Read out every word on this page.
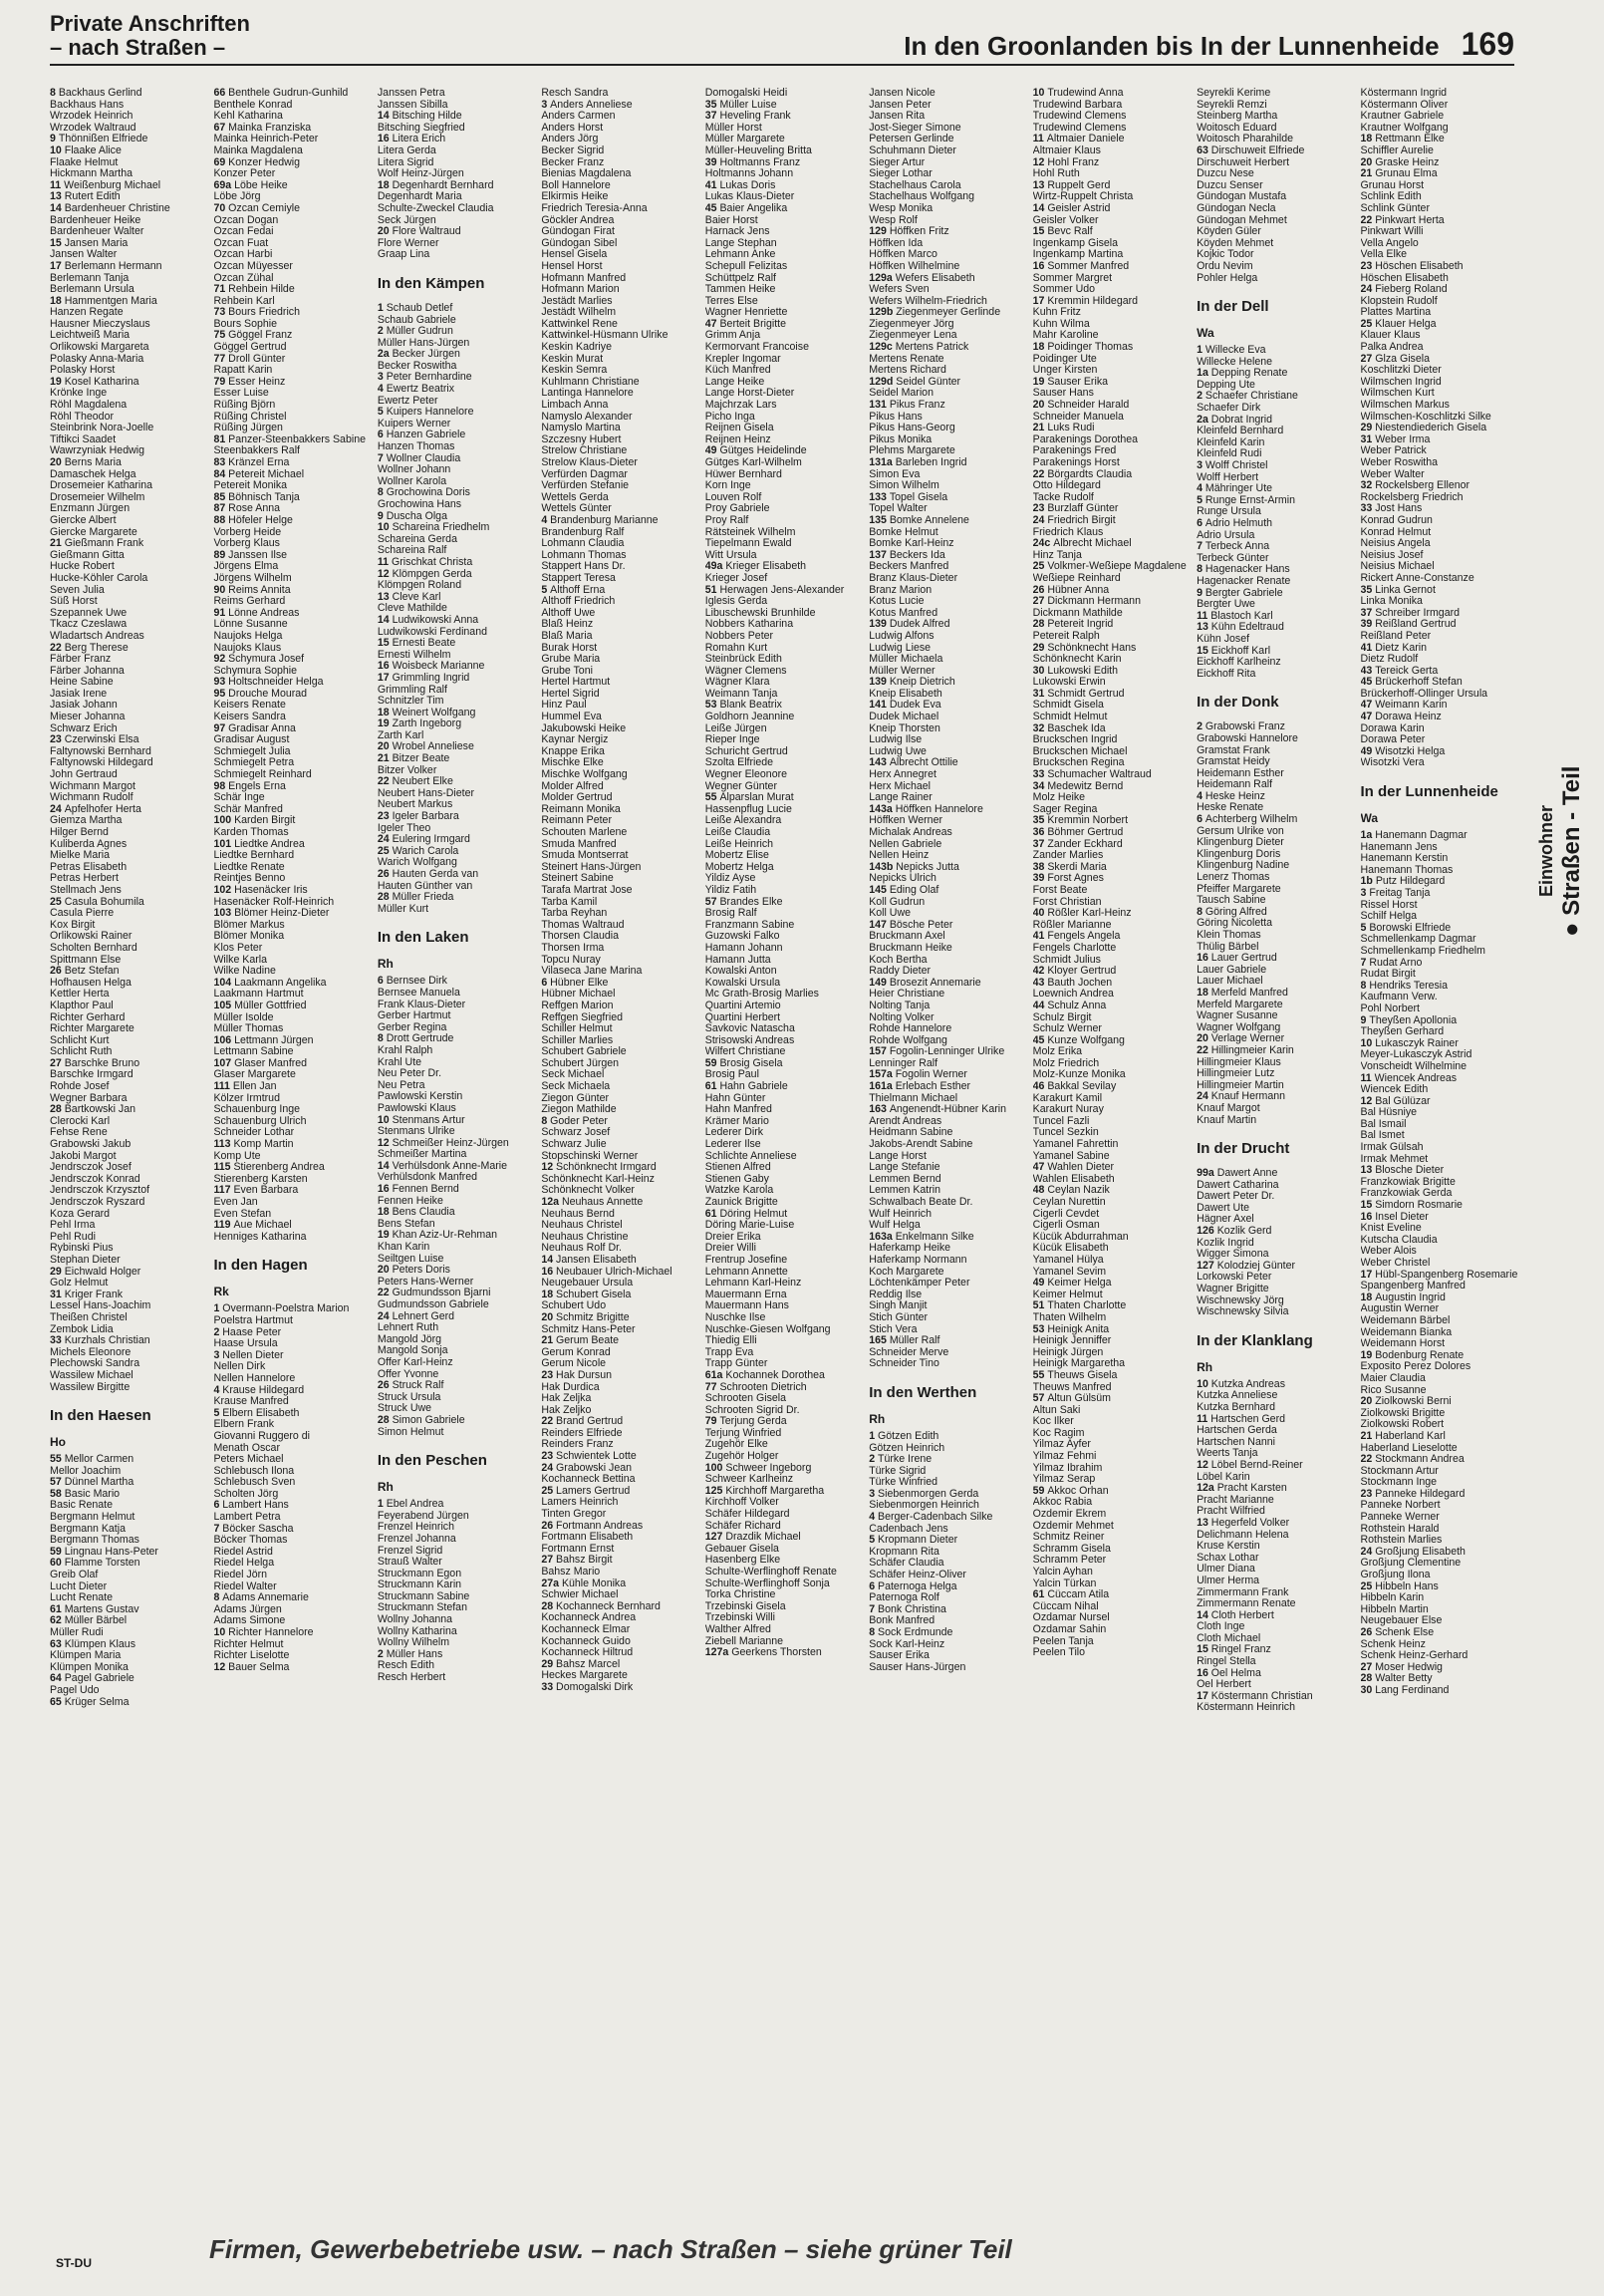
Private Anschriften
– nach Straßen –	In den Groonlanden bis In der Lunnenheide 169
8 Backhaus Gerlind
Backhaus Hans
Wrzodek Heinrich
Wrzodek Waltraud
9 Thönnißen Elfriede
10 Flaake Alice
Flaake Helmut
Hickmann Martha
11 Weißenburg Michael
13 Rutert Edith
14 Bardenheuer Christine
Bardenheuer Heike
Bardenheuer Walter
15 Jansen Maria
Jansen Walter
17 Berlemann Hermann
Berlemann Tanja
Berlemann Ursula
18 Hammentgen Maria
Hanzen Regate
Hausner Mieczyslaus
Leichtweiß Maria
Orlikowski Margareta
Polasky Anna-Maria
Polasky Horst
19 Kosel Katharina
Krönke Inge
Röhl Magdalena
Röhl Theodor
Steinbrink Nora-Joelle
Tiftikci Saadet
Wawrzyniak Hedwig
20 Berns Maria
Damaschek Helga
Drosemeier Katharina
Drosemeier Wilhelm
Enzmann Jürgen
Giercke Albert
Giercke Margarete
21 Gießmann Frank
Gießmann Gitta
Hucke Robert
Hucke-Köhler Carola
Seven Julia
Süß Horst
Szepannek Uwe
Tkacz Czeslawa
Wladartsch Andreas
22 Berg Therese
Färber Franz
Färber Johanna
Heine Sabine
Jasiak Irene
Jasiak Johann
Mieser Johanna
Schwarz Erich
23 Czerwinski Elsa
Faltynowski Bernhard
Faltynowski Hildegard
John Gertraud
Wichmann Margot
Wichmann Rudolf
24 Apfelhofer Herta
Giemza Martha
Hilger Bernd
Kuliberda Agnes
Mielke Maria
Petras Elisabeth
Petras Herbert
Stellmach Jens
25 Casula Bohumila
Casula Pierre
Kox Birgit
Orlikowski Rainer
Scholten Bernhard
Spittmann Else
26 Betz Stefan
Hofhausen Helga
Kettler Herta
Klapthor Paul
Richter Gerhard
Richter Margarete
Schlicht Kurt
Schlicht Ruth
27 Barschke Bruno
Barschke Irmgard
Rohde Josef
Wegner Barbara
28 Bartkowski Jan
Clerocki Karl
Fehse Rene
Grabowski Jakub
Jakobi Margot
Jendrsczok Josef
Jendrsczok Konrad
Jendrsczok Krzysztof
Jendrsczok Ryszard
Koza Gerard
Pehl Irma
Pehl Rudi
Rybinski Pius
Stephan Dieter
29 Eichwald Holger
Golz Helmut
31 Kriger Frank
Lessel Hans-Joachim
Theißen Christel
Zembok Lidia
33 Kurzhals Christian
Michels Eleonore
Plechowski Sandra
Wassilew Michael
Wassilew Birgitte
In den Haesen
Ho
55 Mellor Carmen
Mellor Joachim
57 Dünnel Martha
58 Basic Mario
Basic Renate
Bergmann Helmut
Bergmann Katja
Bergmann Thomas
59 Lingnau Hans-Peter
60 Flamme Torsten
Greib Olaf
Lucht Dieter
Lucht Renate
61 Martens Gustav
62 Müller Bärbel
Müller Rudi
63 Klümpen Klaus
Klümpen Maria
Klümpen Monika
64 Pagel Gabriele
Pagel Udo
65 Krüger Selma
66 Benthele Gudrun-Gunhild
Benthele Konrad
Kehl Katharina
67 Mainka Franziska
Mainka Heinrich-Peter
Mainka Magdalena
69 Konzer Hedwig
Konzer Peter
69a Löbe Heike
Löbe Jörg
70 Özcan Cemiyle
Özcan Dogan
Özcan Fedai
Özcan Fuat
Özcan Harbi
Özcan Müyesser
Özcan Zühal
71 Rehbein Hilde
Rehbein Karl
73 Bours Friedrich
Bours Sophie
75 Göggel Franz
Göggel Gertrud
77 Droll Günter
Rapatt Karin
79 Esser Heinz
Esser Luise
Rüßing Björn
Rüßing Christel
Rüßing Jürgen
81 Panzer-Steenbakkers Sabine
Steenbakkers Ralf
83 Kränzel Erna
84 Petereit Michael
Petereit Monika
85 Böhnisch Tanja
87 Rose Anna
88 Höfeler Helge
Vorberg Heide
Vorberg Klaus
89 Janssen Ilse
Jörgens Elma
Jörgens Wilhelm
90 Reims Annita
Reims Gerhard
91 Lönne Andreas
Lönne Susanne
Naujoks Helga
Naujoks Klaus
92 Schymura Josef
Schymura Sophie
93 Holtschneider Helga
95 Drouche Mourad
Keisers Renate
Keisers Sandra
97 Gradisar Anna
Gradisar August
Schmiegelt Julia
Schmiegelt Petra
Schmiegelt Reinhard
98 Engels Erna
Schär Inge
Schär Manfred
100 Karden Birgit
Karden Thomas
101 Liedtke Andrea
Liedtke Bernhard
Liedtke Renate
Reintjes Benno
102 Hasenäcker Iris
Hasenäcker Rolf-Heinrich
103 Blömer Heinz-Dieter
Blömer Markus
Blömer Monika
Klos Peter
Wilke Karla
Wilke Nadine
104 Laakmann Angelika
Laakmann Hartmut
105 Müller Gottfried
Müller Isolde
Müller Thomas
106 Lettmann Jürgen
Lettmann Sabine
107 Glaser Manfred
Glaser Margarete
111 Ellen Jan
Kölzer Irmtrud
Schauenburg Inge
Schauenburg Ulrich
Schneider Lothar
113 Komp Martin
Komp Ute
115 Stierenberg Andrea
Stierenberg Karsten
117 Even Barbara
Even Jan
Even Stefan
119 Aue Michael
Henniges Katharina
In den Hagen
Rk
1 Overmann-Poelstra Marion
Poelstra Hartmut
2 Haase Peter
Haase Ursula
3 Nellen Dieter
Nellen Dirk
Nellen Hannelore
4 Krause Hildegard
Krause Manfred
5 Elbern Elisabeth
Elbern Frank
Giovanni Ruggero di
Menath Oscar
Peters Michael
Schlebusch Ilona
Schlebusch Sven
Scholten Jörg
6 Lambert Hans
Lambert Petra
7 Böcker Sascha
Böcker Thomas
Riedel Astrid
Riedel Helga
Riedel Jörn
Riedel Walter
8 Adams Annemarie
Adams Jürgen
Adams Simone
10 Richter Hannelore
Richter Helmut
Richter Liselotte
12 Bauer Selma
Janssen Petra
Janssen Sibilla
14 Bitsching Hilde
Bitsching Siegfried
16 Litera Erich
Litera Gerda
Litera Sigrid
Wolf Heinz-Jürgen
18 Degenhardt Bernhard
Degenhardt Maria
Schulte-Zweckel Claudia
Seck Jürgen
20 Flore Waltraud
Flore Werner
Graap Lina
In den Kämpen
1 Schaub Detlef
Schaub Gabriele
2 Müller Gudrun
Müller Hans-Jürgen
2a Becker Jürgen
Becker Roswitha
3 Peter Bernhardine
4 Ewertz Beatrix
Ewertz Peter
5 Kuipers Hannelore
Kuipers Werner
6 Hanzen Gabriele
Hanzen Thomas
7 Wollner Claudia
Wollner Johann
Wollner Karola
8 Grochowina Doris
Grochowina Hans
9 Duscha Olga
10 Schareina Friedhelm
Schareina Gerda
Schareina Ralf
11 Grischkat Christa
12 Klömpgen Gerda
Klömpgen Roland
13 Cleve Karl
Cleve Mathilde
14 Ludwikowski Anna
Ludwikowski Ferdinand
15 Ernesti Beate
Ernesti Wilhelm
16 Woisbeck Marianne
17 Grimmling Ingrid
Grimmling Ralf
Schnitzler Tim
18 Weinert Wolfgang
19 Zarth Ingeborg
Zarth Karl
20 Wrobel Anneliese
21 Bitzer Beate
Bitzer Volker
22 Neubert Elke
Neubert Hans-Dieter
Neubert Markus
23 Igeler Barbara
Igeler Theo
24 Eulering Irmgard
25 Warich Carola
Warich Wolfgang
26 Hauten Gerda van
Hauten Günther van
28 Müller Frieda
Müller Kurt
In den Laken
Rh
6 Bernsee Dirk
Bernsee Manuela
Frank Klaus-Dieter
Gerber Hartmut
Gerber Regina
8 Drott Gertrude
Krahl Ralph
Krahl Ute
Neu Peter Dr.
Neu Petra
Pawlowski Kerstin
Pawlowski Klaus
10 Stenmans Artur
Stenmans Ulrike
12 Schmeißer Heinz-Jürgen
Schmeißer Martina
14 Verhülsdonk Anne-Marie
Verhülsdonk Manfred
16 Fennen Bernd
Fennen Heike
18 Bens Claudia
Bens Stefan
19 Khan Aziz-Ur-Rehman
Khan Karin
Seiltgen Luise
20 Peters Doris
Peters Hans-Werner
22 Gudmundsson Bjarni
Gudmundsson Gabriele
24 Lehnert Gerd
Lehnert Ruth
Mangold Jörg
Mangold Sonja
Offer Karl-Heinz
Offer Yvonne
26 Struck Ralf
Struck Ursula
Struck Uwe
28 Simon Gabriele
Simon Helmut
In den Peschen
Rh
1 Ebel Andrea
Feyerabend Jürgen
Frenzel Heinrich
Frenzel Johanna
Frenzel Sigrid
Strauß Walter
Struckmann Egon
Struckmann Karin
Struckmann Sabine
Struckmann Stefan
Wollny Johanna
Wollny Katharina
Wollny Wilhelm
2 Müller Hans
Resch Edith
Resch Herbert
Resch Sandra
3 Anders Anneliese
Anders Carmen
Anders Horst
Anders Jörg
Becker Sigrid
Becker Franz
Bienias Magdalena
Boll Hannelore
Elkirmis Heike
Friedrich Teresia-Anna
Göckler Andrea
Gündogan Firat
Gündogan Sibel
Hensel Gisela
Hensel Horst
Hofmann Manfred
Hofmann Marion
Jestädt Marlies
Jestädt Wilhelm
Kattwinkel Rene
Kattwinkel-Hüsmann Ulrike
Keskin Kadriye
Keskin Murat
Keskin Semra
Kuhlmann Christiane
Lantinga Hannelore
Limbach Anna
Namyslo Alexander
Namyslo Martina
Szczesny Hubert
Strelow Christiane
Strelow Klaus-Dieter
Verfürden Dagmar
Verfürden Stefanie
Wettels Gerda
Wettels Günter
4 Brandenburg Marianne
Brandenburg Ralf
Lohmann Claudia
Lohmann Thomas
Stappert Hans Dr.
Stappert Teresa
5 Althoff Erna
Althoff Friedrich
Althoff Uwe
Blaß Heinz
Blaß Maria
Burak Horst
Grube Maria
Grube Toni
Hertel Hartmut
Hertel Sigrid
Hinz Paul
Hummel Eva
Jakubowski Heike
Kaynar Nergiz
Knappe Erika
Mischke Elke
Mischke Wolfgang
Molder Alfred
Molder Gertrud
Reimann Monika
Reimann Peter
Schouten Marlene
Smuda Manfred
Smuda Montserrat
Steinert Hans-Jürgen
Steinert Sabine
Tarafa Martrat Jose
Tarba Kamil
Tarba Reyhan
Thomas Waltraud
Thorsen Claudia
Thorsen Irma
Topcu Nuray
Vilaseca Jane Marina
6 Hübner Elke
Hübner Michael
Reffgen Marion
Reffgen Siegfried
Schiller Helmut
Schiller Marlies
Schubert Gabriele
Schubert Jürgen
Seck Michael
Seck Michaela
Ziegon Günter
Ziegon Mathilde
8 Goder Peter
Schwarz Josef
Schwarz Julie
Stopschinski Werner
12 Schönknecht Irmgard
Schönknecht Karl-Heinz
Schönknecht Volker
12a Neuhaus Annette
Neuhaus Bernd
Neuhaus Christel
Neuhaus Christine
Neuhaus Rolf Dr.
14 Jansen Elisabeth
16 Neubauer Ulrich-Michael
Neugebauer Ursula
18 Schubert Gisela
Schubert Udo
20 Schmitz Brigitte
Schmitz Hans-Peter
21 Gerum Beate
Gerum Konrad
Gerum Nicole
23 Hak Dursun
Hak Durdica
Hak Zeljka
Hak Zeljko
22 Brand Gertrud
Reinders Elfriede
Reinders Franz
23 Schwientek Lotte
24 Grabowski Jean
Kochanneck Bettina
25 Lamers Gertrud
Lamers Heinrich
Tinten Gregor
26 Fortmann Andreas
Fortmann Elisabeth
Fortmann Ernst
27 Bahsz Birgit
Bahsz Mario
27a Kühle Monika
Schwier Michael
28 Kochanneck Bernhard
Kochanneck Andrea
Kochanneck Elmar
Kochanneck Guido
Kochanneck Hiltrud
29 Bahsz Marcel
Heckes Margarete
33 Domogalski Dirk
Domogalski Heidi
35 Müller Luise
37 Heveling Frank
Müller Horst
Müller Margarete
Müller-Heuveling Britta
39 Holtmanns Franz
Holtmanns Johann
41 Lukas Doris
Lukas Klaus-Dieter
45 Baier Angelika
Baier Horst
Harnack Jens
Lange Stephan
Lehmann Anke
Schepull Felizitas
Schüttpelz Ralf
Tammen Heike
Terres Else
Wagner Henriette
47 Berteit Brigitte
Grimm Anja
Kermorvant Francoise
Krepler Ingomar
Küch Manfred
Lange Heike
Lange Horst-Dieter
Majchrzak Lars
Picho Inga
Reijnen Gisela
Reijnen Heinz
49 Gütges Heidelinde
Gütges Karl-Wilhelm
Hüwer Bernhard
Korn Inge
Louven Rolf
Proy Gabriele
Proy Ralf
Rätsteinek Wilhelm
Tiepelmann Ewald
Witt Ursula
49a Krieger Elisabeth
Krieger Josef
51 Herwagen Jens-Alexander
Iglesis Gerda
Libuschewski Brunhilde
Nobbers Katharina
Nobbers Peter
Romahn Kurt
Steinbrück Edith
Wägner Clemens
Wägner Klara
Weimann Tanja
53 Blank Beatrix
Goldhorn Jeannine
Leiße Jürgen
Rieper Inge
Schuricht Gertrud
Szolta Elfriede
Wegner Eleonore
Wegner Günter
55 Alparslan Murat
Hassenpflug Lucie
Leiße Alexandra
Leiße Claudia
Leiße Heinrich
Mobertz Elise
Mobertz Helga
Yildiz Ayse
Yildiz Fatih
57 Brandes Elke
Brosig Ralf
Franzmann Sabine
Guzowski Falko
Hamann Johann
Hamann Jutta
Kowalski Anton
Kowalski Ursula
Mc Grath-Brosig Marlies
Quartini Artemio
Quartini Herbert
Savkovic Natascha
Strisowski Andreas
Wilfert Christiane
59 Brosig Gisela
Brosig Paul
61 Hahn Gabriele
Hahn Günter
Hahn Manfred
Krämer Mario
Lederer Dirk
Lederer Ilse
Schlichte Anneliese
Stienen Alfred
Stienen Gaby
Watzke Karola
Zaunick Brigitte
61 Döring Helmut
Döring Marie-Luise
Dreier Erika
Dreier Willi
Frentrup Josefine
Lehmann Annette
Lehmann Karl-Heinz
Mauermann Erna
Mauermann Hans
Nuschke Ilse
Nuschke-Giesen Wolfgang
Thiedig Elli
Trapp Eva
Trapp Günter
61a Kochannek Dorothea
77 Schrooten Dietrich
Schrooten Gisela
Schrooten Sigrid Dr.
79 Terjung Gerda
Terjung Winfried
Zugehör Elke
Zugehör Holger
100 Schweer Ingeborg
Schweer Karlheinz
125 Kirchhoff Margaretha
Kirchhoff Volker
Schäfer Hildegard
Schäfer Richard
127 Drazdik Michael
Gebauer Gisela
Hasenberg Elke
Schulte-Werflinghoff Renate
Schulte-Werflinghoff Sonja
Torka Christine
Trzebinski Gisela
Trzebinski Willi
Walther Alfred
Ziebell Marianne
127a Geerkens Thorsten
Jansen Nicole
Jansen Peter
Jansen Rita
Jost-Sieger Simone
Petersen Gerlinde
Schuhmann Dieter
Sieger Artur
Sieger Lothar
Stachelhaus Carola
Stachelhaus Wolfgang
Wesp Monika
Wesp Rolf
129 Höffken Fritz
Höffken Ida
Höffken Marco
Höffken Wilhelmine
129a Wefers Elisabeth
Wefers Sven
Wefers Wilhelm-Friedrich
129b Ziegenmeyer Gerlinde
Ziegenmeyer Jörg
Ziegenmeyer Lena
129c Mertens Patrick
Mertens Renate
Mertens Richard
129d Seidel Günter
Seidel Marion
131 Pikus Franz
Pikus Hans
Pikus Hans-Georg
Pikus Monika
Plehms Margarete
131a Barleben Ingrid
Simon Eva
Simon Wilhelm
133 Topel Gisela
Topel Walter
135 Bomke Annelene
Bomke Helmut
Bomke Karl-Heinz
137 Beckers Ida
Beckers Manfred
Branz Klaus-Dieter
Branz Marion
Kotus Lucie
Kotus Manfred
139 Dudek Alfred
Ludwig Alfons
Ludwig Liese
Müller Michaela
Müller Werner
139 Kneip Dietrich
Kneip Elisabeth
141 Dudek Eva
Dudek Michael
Kneip Thorsten
Ludwig Ilse
Ludwig Uwe
143 Albrecht Ottilie
Herx Annegret
Herx Michael
Lange Rainer
143a Höffken Hannelore
Höffken Werner
Michalak Andreas
Nellen Gabriele
Nellen Heinz
143b Nepicks Jutta
Nepicks Ulrich
145 Eding Olaf
Koll Gudrun
Koll Uwe
147 Bösche Peter
Bruckmann Axel
Bruckmann Heike
Koch Bertha
Raddy Dieter
149 Brosezit Annemarie
Heier Christiane
Nolting Tanja
Nolting Volker
Rohde Hannelore
Rohde Wolfgang
157 Fogolin-Lenninger Ulrike
Lenninger Ralf
157a Fogolin Werner
161a Erlebach Esther
Thielmann Michael
163 Angenendt-Hübner Karin
Arendt Andreas
Heidmann Sabine
Jakobs-Arendt Sabine
Lange Horst
Lange Stefanie
Lemmen Bernd
Lemmen Katrin
Schwalbach Beate Dr.
Wulf Heinrich
Wulf Helga
163a Enkelmann Silke
Haferkamp Heike
Haferkamp Normann
Koch Margarete
Löchtenkämper Peter
Reddig Ilse
Singh Manjit
Stich Günter
Stich Vera
165 Müller Ralf
Schneider Merve
Schneider Tino
In den Werthen
Rh
1 Götzen Edith
Götzen Heinrich
2 Türke Irene
Türke Sigrid
Türke Winfried
3 Siebenmorgen Gerda
Siebenmorgen Heinrich
4 Berger-Cadenbach Silke
Cadenbach Jens
5 Kropmann Dieter
Kropmann Rita
Schäfer Claudia
Schäfer Heinz-Oliver
6 Paternoga Helga
Paternoga Rolf
7 Bonk Christina
Bonk Manfred
8 Sock Erdmunde
Sock Karl-Heinz
Sauser Erika
Sauser Hans-Jürgen
10 Trudewind Anna
Trudewind Barbara
Trudewind Clemens
Trudewind Clemens
11 Altmaier Daniele
Altmaier Klaus
12 Hohl Franz
Hohl Ruth
13 Ruppelt Gerd
Wirtz-Ruppelt Christa
14 Geisler Astrid
Geisler Volker
15 Bevc Ralf
Ingenkamp Gisela
Ingenkamp Martina
16 Sommer Manfred
Sommer Margret
Sommer Udo
17 Kremmin Hildegard
Kuhn Fritz
Kuhn Wilma
Mahr Karoline
18 Poidinger Thomas
Poidinger Ute
Unger Kirsten
19 Sauser Erika
Sauser Hans
20 Schneider Harald
Schneider Manuela
21 Luks Rudi
Parakenings Dorothea
Parakenings Fred
Parakenings Horst
22 Börgardts Claudia
Otto Hildegard
Tacke Rudolf
23 Burzlaff Günter
24 Friedrich Birgit
Friedrich Klaus
24c Albrecht Michael
Hinz Tanja
25 Volkmer-Weßiepe Magdalene
Weßiepe Reinhard
26 Hübner Anna
27 Dickmann Hermann
Dickmann Mathilde
28 Petereit Ingrid
Petereit Ralph
29 Schönknecht Hans
Schönknecht Karin
30 Lukowski Edith
Lukowski Erwin
31 Schmidt Gertrud
Schmidt Gisela
Schmidt Helmut
32 Baschek Ida
Bruckschen Ingrid
Bruckschen Michael
Bruckschen Regina
33 Schumacher Waltraud
34 Medewitz Bernd
Molz Heike
Sager Regina
35 Kremmin Norbert
36 Böhmer Gertrud
37 Zander Eckhard
Zander Marlies
38 Skerdi Maria
39 Forst Agnes
Forst Beate
Forst Christian
40 Rößler Karl-Heinz
Rößler Marianne
41 Fengels Angela
Fengels Charlotte
Schmidt Julius
42 Kloyer Gertrud
43 Bauth Jochen
Loewnich Andrea
44 Schulz Anna
Schulz Birgit
Schulz Werner
45 Kunze Wolfgang
Molz Erika
Molz Friedrich
Molz-Kunze Monika
46 Bakkal Sevilay
Karakurt Kamil
Karakurt Nuray
Tuncel Fazli
Tuncel Sezkin
Yamanel Fahrettin
Yamanel Sabine
47 Wahlen Dieter
Wahlen Elisabeth
48 Ceylan Nazik
Ceylan Nurettin
Cigerli Cevdet
Cigerli Osman
Kücük Abdurrahman
Kücük Elisabeth
Yamanel Hülya
Yamanel Sevim
49 Keimer Helga
Keimer Helmut
51 Thaten Charlotte
Thaten Wilhelm
53 Heinigk Anita
Heinigk Jenniffer
Heinigk Jürgen
Heinigk Margaretha
55 Theuws Gisela
Theuws Manfred
57 Altun Gülsüm
Altun Saki
Koc Ilker
Koc Ragim
Yilmaz Ayfer
Yilmaz Fehmi
Yilmaz Ibrahim
Yilmaz Serap
59 Akkoc Orhan
Akkoc Rabia
Özdemir Ekrem
Özdemir Mehmet
Schmitz Reiner
Schramm Gisela
Schramm Peter
Yalcin Ayhan
Yalcin Türkan
61 Cüccam Atila
Cüccam Nihal
Özdamar Nursel
Özdamar Sahin
Peelen Tanja
Peelen Tilo
Seyrekli Kerime
Seyrekli Remzi
Steinberg Martha
Woitosch Eduard
Woitosch Pharahilde
63 Dirschuweit Elfriede
Dirschuweit Herbert
Duzcu Nese
Duzcu Senser
Gündogan Mustafa
Gündogan Necla
Gündogan Mehmet
Köyden Güler
Köyden Mehmet
Kojkic Todor
Ordu Nevim
Pohler Helga
In der Dell
Wa
1 Willecke Eva
Willecke Helene
1a Depping Renate
Depping Ute
2 Schaefer Christiane
Schaefer Dirk
2a Dobrat Ingrid
Kleinfeld Bernhard
Kleinfeld Karin
Kleinfeld Rudi
3 Wolff Christel
Wolff Herbert
4 Mähringer Ute
5 Runge Ernst-Armin
Runge Ursula
6 Adrio Helmuth
Adrio Ursula
7 Terbeck Anna
Terbeck Günter
8 Hagenacker Hans
Hagenacker Renate
9 Bergter Gabriele
Bergter Uwe
11 Blastoch Karl
13 Kühn Edeltraud
Kühn Josef
15 Eickhoff Karl
Eickhoff Karlheinz
Eickhoff Rita
In der Donk
2 Grabowski Franz
Grabowski Hannelore
Gramstat Frank
Gramstat Heidy
Heidemann Esther
Heidemann Ralf
4 Heske Heinz
Heske Renate
6 Achterberg Wilhelm
Gersum Ulrike von
Klingenburg Dieter
Klingenburg Doris
Klingenburg Nadine
Lenerz Thomas
Pfeiffer Margarete
Tausch Sabine
8 Göring Alfred
Göring Nicoletta
Klein Thomas
Thülig Bärbel
16 Lauer Gertrud
Lauer Gabriele
Lauer Michael
18 Merfeld Manfred
Merfeld Margarete
Wagner Susanne
Wagner Wolfgang
20 Verlage Werner
22 Hillingmeier Karin
Hillingmeier Klaus
Hillingmeier Lutz
Hillingmeier Martin
24 Knauf Hermann
Knauf Margot
Knauf Martin
In der Drucht
99a Dawert Anne
Dawert Catharina
Dawert Peter Dr.
Dawert Ute
Hägner Axel
126 Kozlik Gerd
Kozlik Ingrid
Wigger Simona
127 Kolodziej Günter
Lorkowski Peter
Wagner Brigitte
Wischnewsky Jörg
Wischnewsky Silvia
In der Klanklang
Rh
10 Kutzka Andreas
Kutzka Anneliese
Kutzka Bernhard
11 Hartschen Gerd
Hartschen Gerda
Hartschen Nanni
Weerts Tanja
12 Löbel Bernd-Reiner
Löbel Karin
12a Pracht Karsten
Pracht Marianne
Pracht Wilfried
13 Hegerfeld Volker
Delichmann Helena
Kruse Kerstin
Schax Lothar
Ulmer Diana
Ulmer Herma
Zimmermann Frank
Zimmermann Renate
14 Cloth Herbert
Cloth Inge
Cloth Michael
15 Ringel Franz
Ringel Stella
16 Oel Helma
Oel Herbert
17 Köstermann Christian
Köstermann Heinrich
Köstermann Ingrid
Köstermann Oliver
Krautner Gabriele
Krautner Wolfgang
18 Rettmann Elke
Schiffler Aurelie
20 Graske Heinz
21 Grunau Elma
Grunau Horst
Schlink Edith
Schlink Günter
22 Pinkwart Herta
Pinkwart Willi
Vella Angelo
Vella Elke
23 Höschen Elisabeth
Höschen Elisabeth
24 Fieberg Roland
Klopstein Rudolf
Plattes Martina
25 Klauer Helga
Klauer Klaus
Palka Andrea
27 Glza Gisela
Koschlitzki Dieter
Wilmschen Ingrid
Wilmschen Kurt
Wilmschen Markus
Wilmschen-Koschlitzki Silke
29 Niestendiederich Gisela
31 Weber Irma
Weber Patrick
Weber Roswitha
Weber Walter
32 Rockelsberg Ellenor
Rockelsberg Friedrich
33 Jost Hans
Konrad Gudrun
Konrad Helmut
Neisius Angela
Neisius Josef
Neisius Michael
Rickert Anne-Constanze
35 Linka Gernot
Linka Monika
37 Schreiber Irmgard
39 Reißland Gertrud
Reißland Peter
41 Dietz Karin
Dietz Rudolf
43 Tereick Gerta
45 Brückerhoff Stefan
Brückerhoff-Ollinger Ursula
47 Weimann Karin
47 Dorawa Heinz
Dorawa Karin
Dorawa Peter
49 Wisotzki Helga
Wisotzki Vera
In der Lunnenheide
Wa
1a Hanemann Dagmar
Hanemann Jens
Hanemann Kerstin
Hanemann Thomas
1b Putz Hildegard
3 Freitag Tanja
Rissel Horst
Schilf Helga
5 Borowski Elfriede
Schmellenkamp Dagmar
Schmellenkamp Friedhelm
7 Rudat Arno
Rudat Birgit
8 Hendriks Teresia
Kaufmann Verw.
Pohl Norbert
9 Theyßen Apollonia
Theyßen Gerhard
10 Lukasczyk Rainer
Meyer-Lukasczyk Astrid
Vonscheidt Wilhelmine
11 Wiencek Andreas
Wiencek Edith
12 Bal Gülüzar
Bal Hüsniye
Bal Ismail
Bal Ismet
Irmak Gülsah
Irmak Mehmet
13 Blosche Dieter
Franzkowiak Brigitte
Franzkowiak Gerda
15 Simdorn Rosmarie
16 Insel Dieter
Knist Eveline
Kutscha Claudia
Weber Alois
Weber Christel
17 Hübl-Spangenberg Rosemarie
Spangenberg Manfred
18 Augustin Ingrid
Augustin Werner
Weidemann Bärbel
Weidemann Bianka
Weidemann Horst
19 Bodenburg Renate
Exposito Perez Dolores
Maier Claudia
Rico Susanne
20 Ziolkowski Berni
Ziolkowski Brigitte
Ziolkowski Robert
21 Haberland Karl
Haberland Lieselotte
22 Stockmann Andrea
Stockmann Artur
Stockmann Inge
23 Panneke Hildegard
Panneke Norbert
Panneke Werner
Rothstein Harald
Rothstein Marlies
24 Großjung Elisabeth
Großjung Clementine
Großjung Ilona
25 Hibbeln Hans
Hibbeln Karin
Hibbeln Martin
Neugebauer Else
26 Schenk Else
Schenk Heinz
Schenk Heinz-Gerhard
27 Moser Hedwig
28 Walter Betty
30 Lang Ferdinand
Einwohner ● Straßen - Teil
ST-DU	Firmen, Gewerbebetriebe usw. – nach Straßen – siehe grüner Teil
